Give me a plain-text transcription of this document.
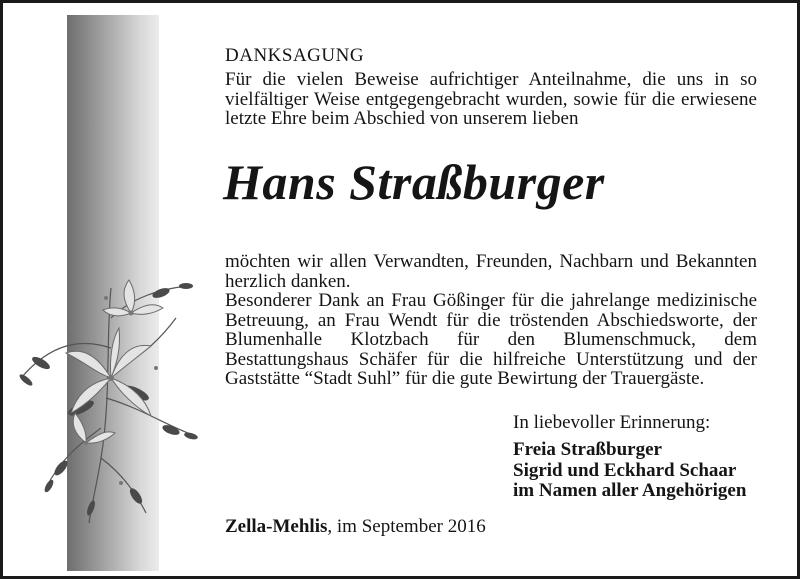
DANKSAGUNG

Für die vielen Beweise aufrichtiger Anteilnahme, die uns in so vielfältiger Weise entgegengebracht wurden, sowie für die erwiesene letzte Ehre beim Abschied von unserem lieben

Hans Straßburger

möchten wir allen Verwandten, Freunden, Nachbarn und Bekannten herzlich danken.

Besonderer Dank an Frau Gößinger für die jahrelange medizinische Betreuung, an Frau Wendt für die tröstenden Abschiedsworte, der Blumenhalle Klotzbach für den Blumenschmuck, dem Bestattungshaus Schäfer für die hilfreiche Unterstützung und der Gaststätte “Stadt Suhl” für die gute Bewirtung der Trauergäste.

In liebevoller Erinnerung:

Freia Straßburger
Sigrid und Eckhard Schaar
im Namen aller Angehörigen

Zella-Mehlis, im September 2016
